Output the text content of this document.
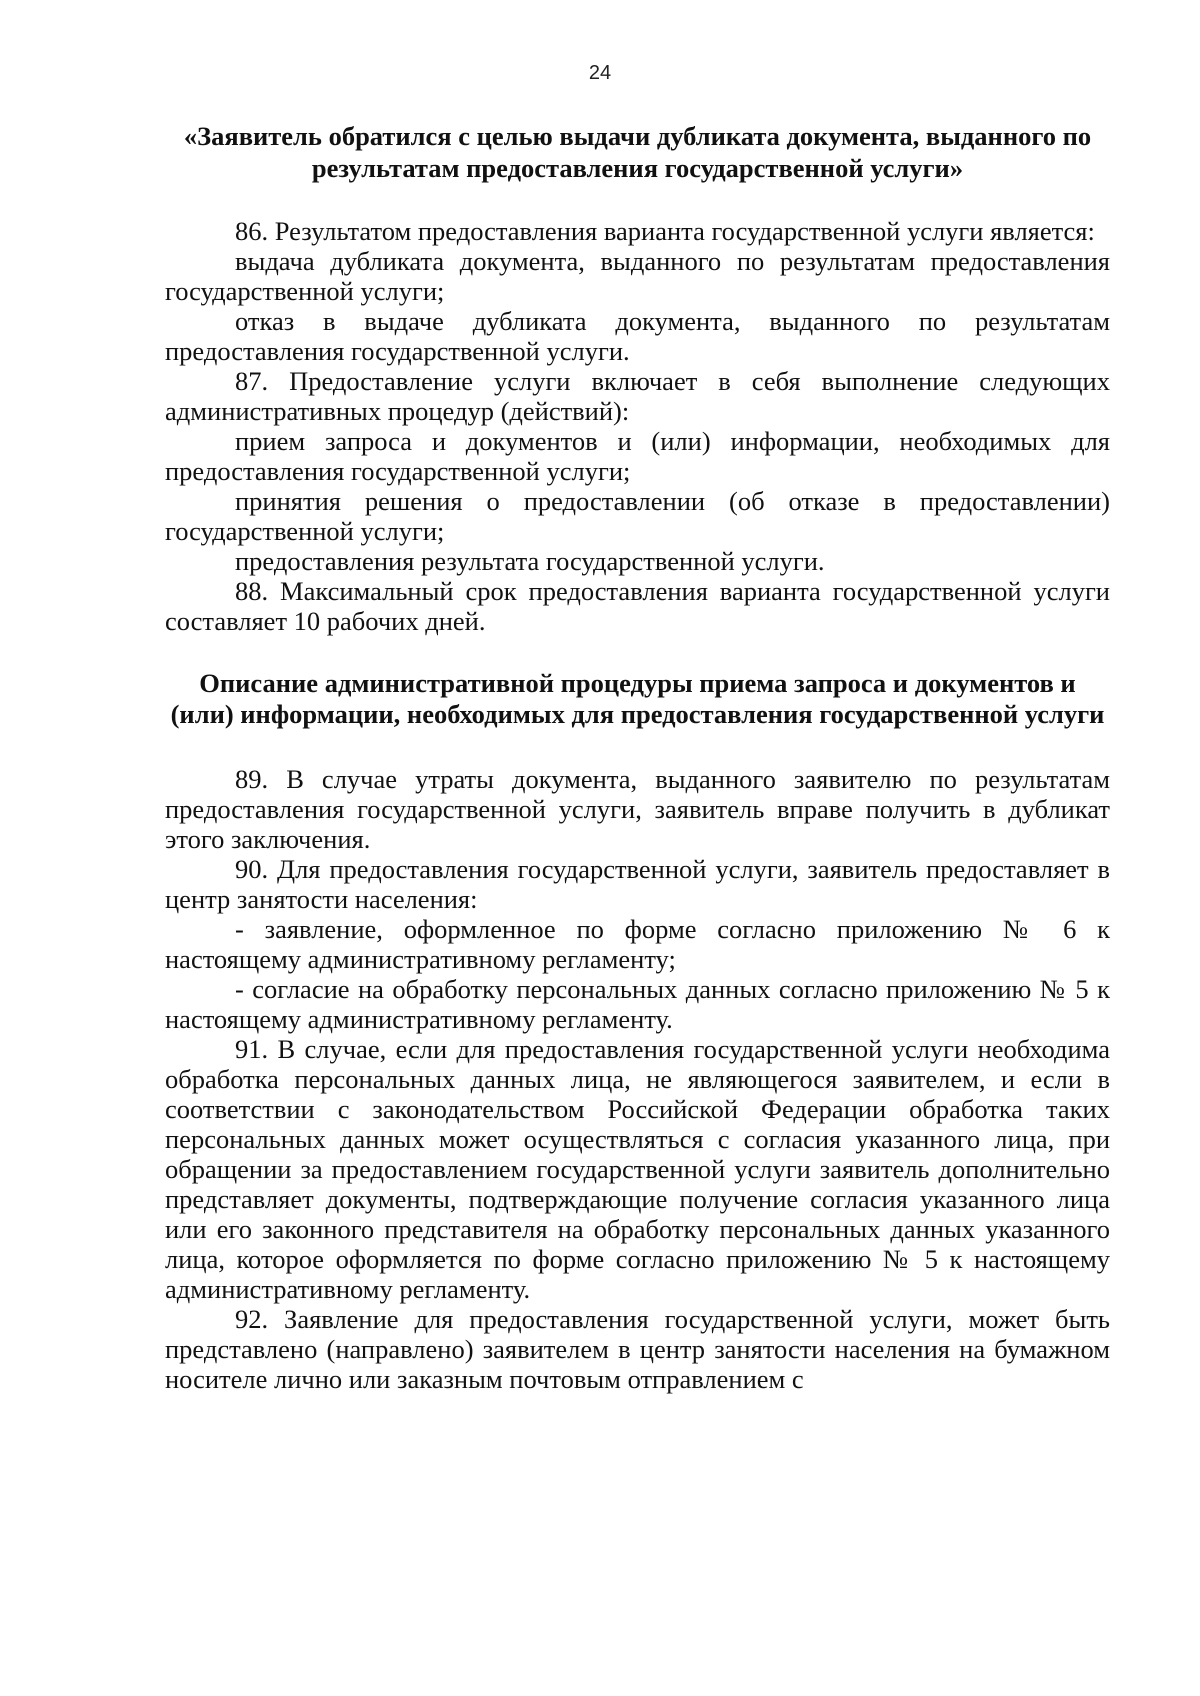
24
«Заявитель обратился с целью выдачи дубликата документа, выданного по результатам предоставления государственной услуги»

86. Результатом предоставления варианта государственной услуги является:

выдача дубликата документа, выданного по результатам предоставления государственной услуги;

отказ в выдаче дубликата документа, выданного по результатам предоставления государственной услуги.

87. Предоставление услуги включает в себя выполнение следующих административных процедур (действий):

прием запроса и документов и (или) информации, необходимых для предоставления государственной услуги;

принятия решения о предоставлении (об отказе в предоставлении) государственной услуги;

предоставления результата государственной услуги.

88. Максимальный срок предоставления варианта государственной услуги составляет 10 рабочих дней.

Описание административной процедуры приема запроса и документов и (или) информации, необходимых для предоставления государственной услуги

89. В случае утраты документа, выданного заявителю по результатам предоставления государственной услуги, заявитель вправе получить в дубликат этого заключения.

90. Для предоставления государственной услуги, заявитель предоставляет в центр занятости населения:

- заявление, оформленное по форме согласно приложению № 6 к настоящему административному регламенту;

- согласие на обработку персональных данных согласно приложению № 5 к настоящему административному регламенту.

91. В случае, если для предоставления государственной услуги необходима обработка персональных данных лица, не являющегося заявителем, и если в соответствии с законодательством Российской Федерации обработка таких персональных данных может осуществляться с согласия указанного лица, при обращении за предоставлением государственной услуги заявитель дополнительно представляет документы, подтверждающие получение согласия указанного лица или его законного представителя на обработку персональных данных указанного лица, которое оформляется по форме согласно приложению № 5 к настоящему административному регламенту.

92. Заявление для предоставления государственной услуги, может быть представлено (направлено) заявителем в центр занятости населения на бумажном носителе лично или заказным почтовым отправлением с
